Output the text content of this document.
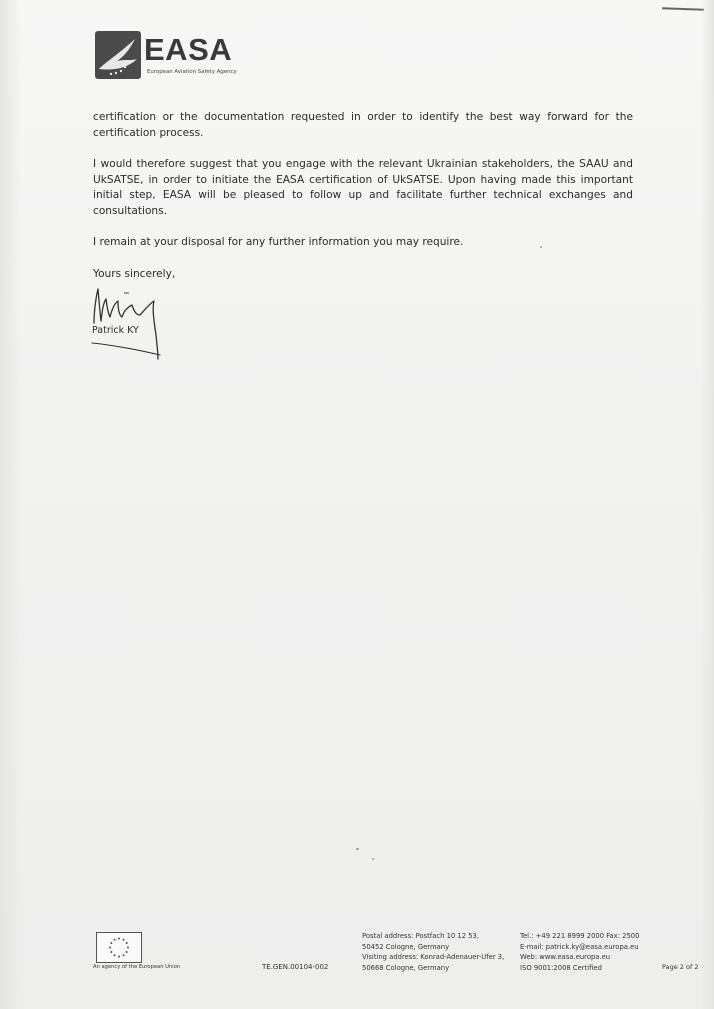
EASA
European Aviation Safety Agency

certification or the documentation requested in order to identify the best way forward for the certification process.

I would therefore suggest that you engage with the relevant Ukrainian stakeholders, the SAAU and UkSATSE, in order to initiate the EASA certification of UkSATSE. Upon having made this important initial step, EASA will be pleased to follow up and facilitate further technical exchanges and consultations.

I remain at your disposal for any further information you may require.

Yours sincerely,

Patrick KY
An agency of the European Union	TE.GEN.00104-002
Postal address: Postfach 10 12 53,
50452 Cologne, Germany
Visiting address: Konrad-Adenauer-Ufer 3,
50668 Cologne, Germany
Tel.: +49 221 8999 2000 Fax: 2500
E-mail: patrick.ky@easa.europa.eu
Web: www.easa.europa.eu
ISO 9001:2008 Certified	Page 2 of 2
